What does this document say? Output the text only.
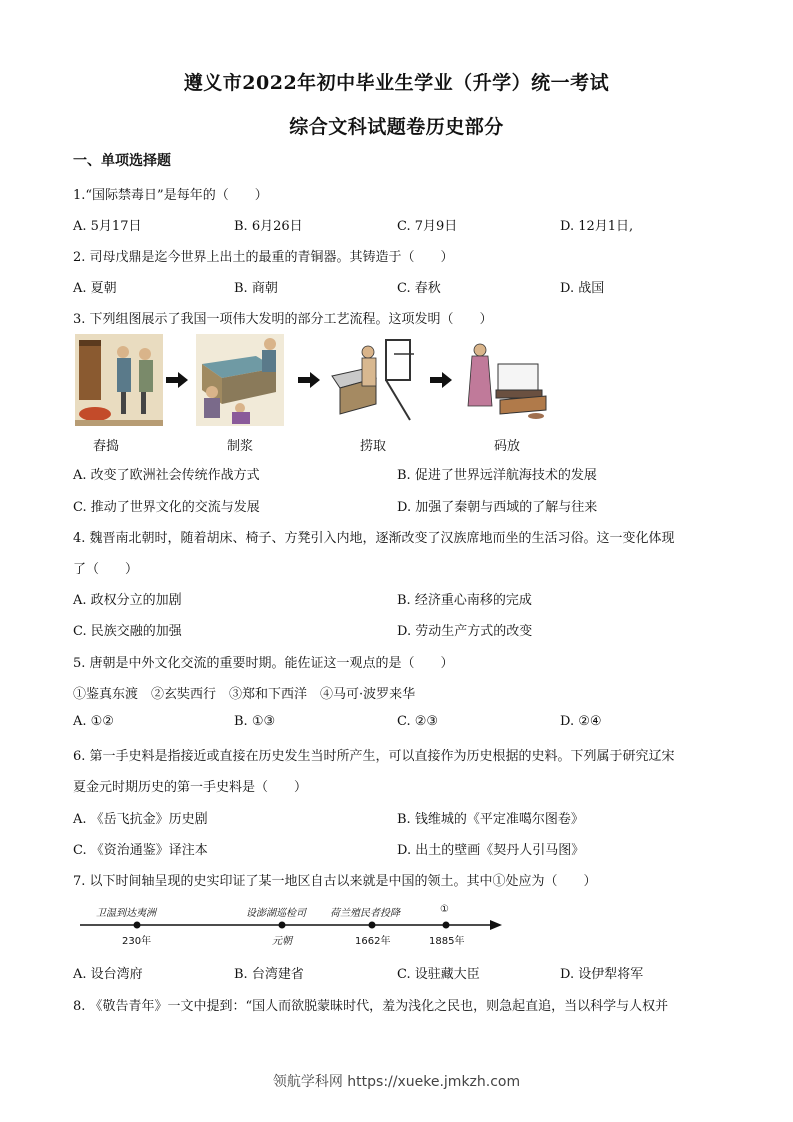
遵义市2022年初中毕业生学业（升学）统一考试
综合文科试题卷历史部分
一、单项选择题
1.“国际禁毒日”是每年的（　　）
A. 5月17日	B. 6月26日	C. 7月9日	D. 12月1日,
2. 司母戊鼎是迄今世界上出土的最重的青铜器。其铸造于（　　）
A. 夏朝	B. 商朝	C. 春秋	D. 战国
3. 下列组图展示了我国一项伟大发明的部分工艺流程。这项发明（　　）
舂捣	制浆	捞取	码放
A. 改变了欧洲社会传统作战方式	B. 促进了世界远洋航海技术的发展
C. 推动了世界文化的交流与发展	D. 加强了秦朝与西域的了解与往来
4. 魏晋南北朝时，随着胡床、椅子、方凳引入内地，逐渐改变了汉族席地而坐的生活习俗。这一变化体现
了（　　）
A. 政权分立的加剧	B. 经济重心南移的完成
C. 民族交融的加强	D. 劳动生产方式的改变
5. 唐朝是中外文化交流的重要时期。能佐证这一观点的是（　　）
①鉴真东渡　②玄奘西行　③郑和下西洋　④马可·波罗来华
A. ①②	B. ①③	C. ②③	D. ②④
6. 第一手史料是指接近或直接在历史发生当时所产生，可以直接作为历史根据的史料。下列属于研究辽宋
夏金元时期历史的第一手史料是（　　）
A. 《岳飞抗金》历史剧	B. 钱维城的《平定准噶尔图卷》
C. 《资治通鉴》译注本	D. 出土的壁画《契丹人引马图》
7. 以下时间轴呈现的史实印证了某一地区自古以来就是中国的领土。其中①处应为（　　）
卫温到达夷洲	设澎湖巡检司 荷兰殖民者投降	①
230年	元朝	1662年	1885年
A. 设台湾府	B. 台湾建省	C. 设驻藏大臣	D. 设伊犁将军
8. 《敬告青年》一文中提到：“国人而欲脱蒙昧时代，羞为浅化之民也，则急起直追，当以科学与人权并
领航学科网 https://xueke.jmkzh.com
